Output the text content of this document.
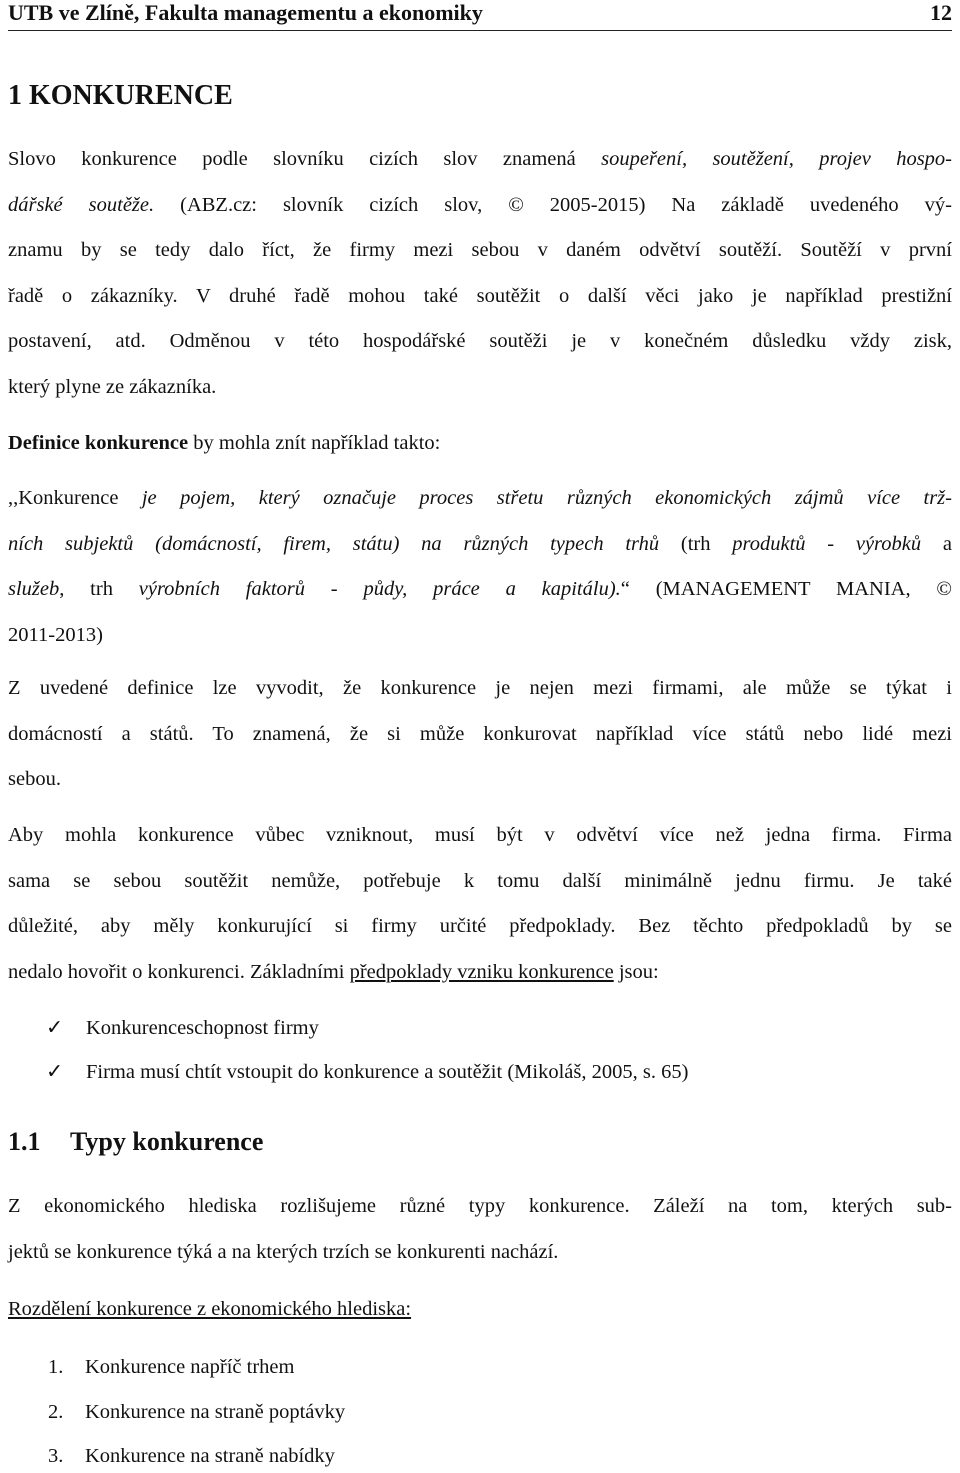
UTB ve Zlíně, Fakulta managementu a ekonomiky	12
1 KONKURENCE
Slovo konkurence podle slovníku cizích slov znamená soupeření, soutěžení, projev hospo-
dářské soutěže. (ABZ.cz: slovník cizích slov, © 2005-2015) Na základě uvedeného vý-
znamu by se tedy dalo říct, že firmy mezi sebou v daném odvětví soutěží. Soutěží v první
řadě o zákazníky. V druhé řadě mohou také soutěžit o další věci jako je například prestižní
postavení, atd. Odměnou v této hospodářské soutěži je v konečném důsledku vždy zisk,
který plyne ze zákazníka.
Definice konkurence by mohla znít například takto:
,,Konkurence je pojem, který označuje proces střetu různých ekonomických zájmů více trž-
ních subjektů (domácností, firem, státu) na různých typech trhů (trh produktů - výrobků a
služeb, trh výrobních faktorů - půdy, práce a kapitálu).“ (MANAGEMENT MANIA, ©
2011-2013)
Z uvedené definice lze vyvodit, že konkurence je nejen mezi firmami, ale může se týkat i
domácností a států. To znamená, že si může konkurovat například více států nebo lidé mezi
sebou.
Aby mohla konkurence vůbec vzniknout, musí být v odvětví více než jedna firma. Firma
sama se sebou soutěžit nemůže, potřebuje k tomu další minimálně jednu firmu. Je také
důležité, aby měly konkurující si firmy určité předpoklady. Bez těchto předpokladů by se
nedalo hovořit o konkurenci. Základními předpoklady vzniku konkurence jsou:
✓ Konkurenceschopnost firmy
✓ Firma musí chtít vstoupit do konkurence a soutěžit (Mikoláš, 2005, s. 65)
1.1 Typy konkurence
Z ekonomického hlediska rozlišujeme různé typy konkurence. Záleží na tom, kterých sub-
jektů se konkurence týká a na kterých trzích se konkurenti nachází.
Rozdělení konkurence z ekonomického hlediska:
1. Konkurence napříč trhem
2. Konkurence na straně poptávky
3. Konkurence na straně nabídky
